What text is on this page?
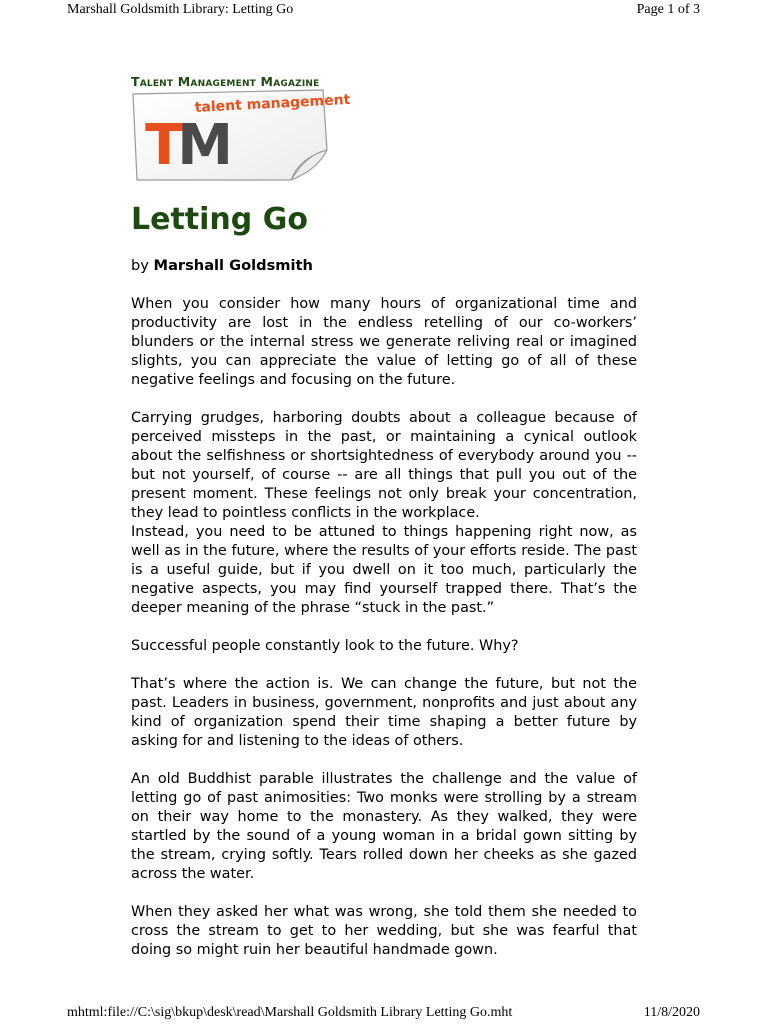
Marshall Goldsmith Library: Letting Go	Page 1 of 3
Talent Management Magazine
TM
talent management
Letting Go
by Marshall Goldsmith

When you consider how many hours of organizational time and productivity are lost in the endless retelling of our co-workers’ blunders or the internal stress we generate reliving real or imagined slights, you can appreciate the value of letting go of all of these negative feelings and focusing on the future.

Carrying grudges, harboring doubts about a colleague because of perceived missteps in the past, or maintaining a cynical outlook about the selfishness or shortsightedness of everybody around you -- but not yourself, of course -- are all things that pull you out of the present moment. These feelings not only break your concentration, they lead to pointless conflicts in the workplace.

Instead, you need to be attuned to things happening right now, as well as in the future, where the results of your efforts reside. The past is a useful guide, but if you dwell on it too much, particularly the negative aspects, you may find yourself trapped there. That’s the deeper meaning of the phrase “stuck in the past.”

Successful people constantly look to the future. Why?

That’s where the action is. We can change the future, but not the past. Leaders in business, government, nonprofits and just about any kind of organization spend their time shaping a better future by asking for and listening to the ideas of others.

An old Buddhist parable illustrates the challenge and the value of letting go of past animosities: Two monks were strolling by a stream on their way home to the monastery. As they walked, they were startled by the sound of a young woman in a bridal gown sitting by the stream, crying softly. Tears rolled down her cheeks as she gazed across the water.

When they asked her what was wrong, she told them she needed to cross the stream to get to her wedding, but she was fearful that doing so might ruin her beautiful handmade gown.

mhtml:file://C:\sig\bkup\desk\read\Marshall Goldsmith Library Letting Go.mht	11/8/2020
